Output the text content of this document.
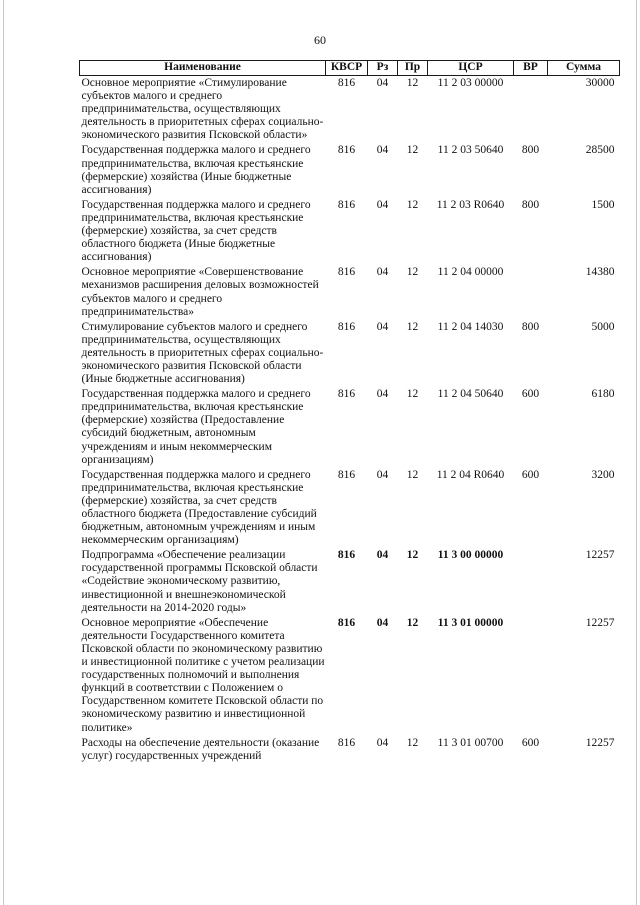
60
Наименование	КВСР	Рз	Пр	ЦСР	ВР	Сумма
Основное мероприятие «Стимулирование субъектов малого и среднего предпринимательства, осуществляющих деятельность в приоритетных сферах социально-экономического развития Псковской области»	816	04	12	11 2 03 00000		30000
Государственная поддержка малого и среднего предпринимательства, включая крестьянские (фермерские) хозяйства (Иные бюджетные ассигнования)	816	04	12	11 2 03 50640	800	28500
Государственная поддержка малого и среднего предпринимательства, включая крестьянские (фермерские) хозяйства, за счет средств областного бюджета (Иные бюджетные ассигнования)	816	04	12	11 2 03 R0640	800	1500
Основное мероприятие «Совершенствование механизмов расширения деловых возможностей субъектов малого и среднего предпринимательства»	816	04	12	11 2 04 00000		14380
Стимулирование субъектов малого и среднего предпринимательства, осуществляющих деятельность в приоритетных сферах социально-экономического развития Псковской области (Иные бюджетные ассигнования)	816	04	12	11 2 04 14030	800	5000
Государственная поддержка малого и среднего предпринимательства, включая крестьянские (фермерские) хозяйства (Предоставление субсидий бюджетным, автономным учреждениям и иным некоммерческим организациям)	816	04	12	11 2 04 50640	600	6180
Государственная поддержка малого и среднего предпринимательства, включая крестьянские (фермерские) хозяйства, за счет средств областного бюджета (Предоставление субсидий бюджетным, автономным учреждениям и иным некоммерческим организациям)	816	04	12	11 2 04 R0640	600	3200
Подпрограмма «Обеспечение реализации государственной программы Псковской области «Содействие экономическому развитию, инвестиционной и внешнеэкономической деятельности на 2014-2020 годы»	816	04	12	11 3 00 00000		12257
Основное мероприятие «Обеспечение деятельности Государственного комитета Псковской области по экономическому развитию и инвестиционной политике с учетом реализации государственных полномочий и выполнения функций в соответствии с Положением о Государственном комитете Псковской области по экономическому развитию и инвестиционной политике»	816	04	12	11 3 01 00000		12257
Расходы на обеспечение деятельности (оказание услуг) государственных учреждений	816	04	12	11 3 01 00700	600	12257
